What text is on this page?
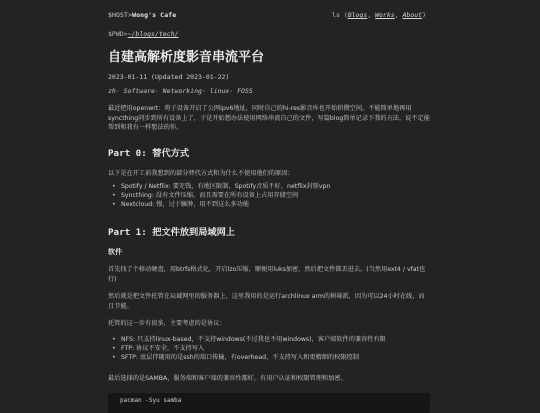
$HOST>Wong's Cafe	ls (Blogs, Works, About)
$PWD>~/blogs/tech/
自建高解析度影音串流平台
2023-01-11 (Updated 2023-01-22)
zh· Software· Networking· linux· FOSS

最近把用openwrt：将子设备开启了公网ipv6地址，同时自己的hi-res影音库也开始积攒空间，不能简单地再用syncthing同步到所有设备上了，于是开始想办法使用网络串流自己的文件，写篇blog简单记录下我的方法，说不定能帮到和我有一样想法的你。

Part 0: 替代方式

以下是在开工前我想到的部分替代方式和为什么不使用他们的原因：

• Spotify / Netflix: 要充钱，有地区限制，Spotify音质不好，netflix封锁vpn
• Syncthing: 没有文件压缩，而且需要在所有设备上占用存储空间
• Nextcloud: 慢，过于臃肿，用不到这么多功能
Part 1: 把文件放到局域网上
软件

首先找了个移动硬盘，用btrfs格式化，开启lzo压缩，顺便用luks加密，然后把文件都丢进去。(当然用ext4 / vfat也行)

然后就是把文件托管在局域网里的服务器上，这里我用的是运行archlinux arm的树莓派，因为可以24小时在线，而且节能。

托管的这一步有很多，主要考虑的是协议：

• NFS: 只支持linux-based，不支持windows(不过我也不用windows)，客户端软件的兼容性有限
• FTP: 协议不安全，不支持写入
• SFTP: 底层伴随用的是ssh的端口传输，有overhead，不支持写入和更精细的权限控制

最后选择的是SAMBA，服务端和客户端的兼容性都好，有用户认证和权限管理和加密。

pacman -Syu samba
